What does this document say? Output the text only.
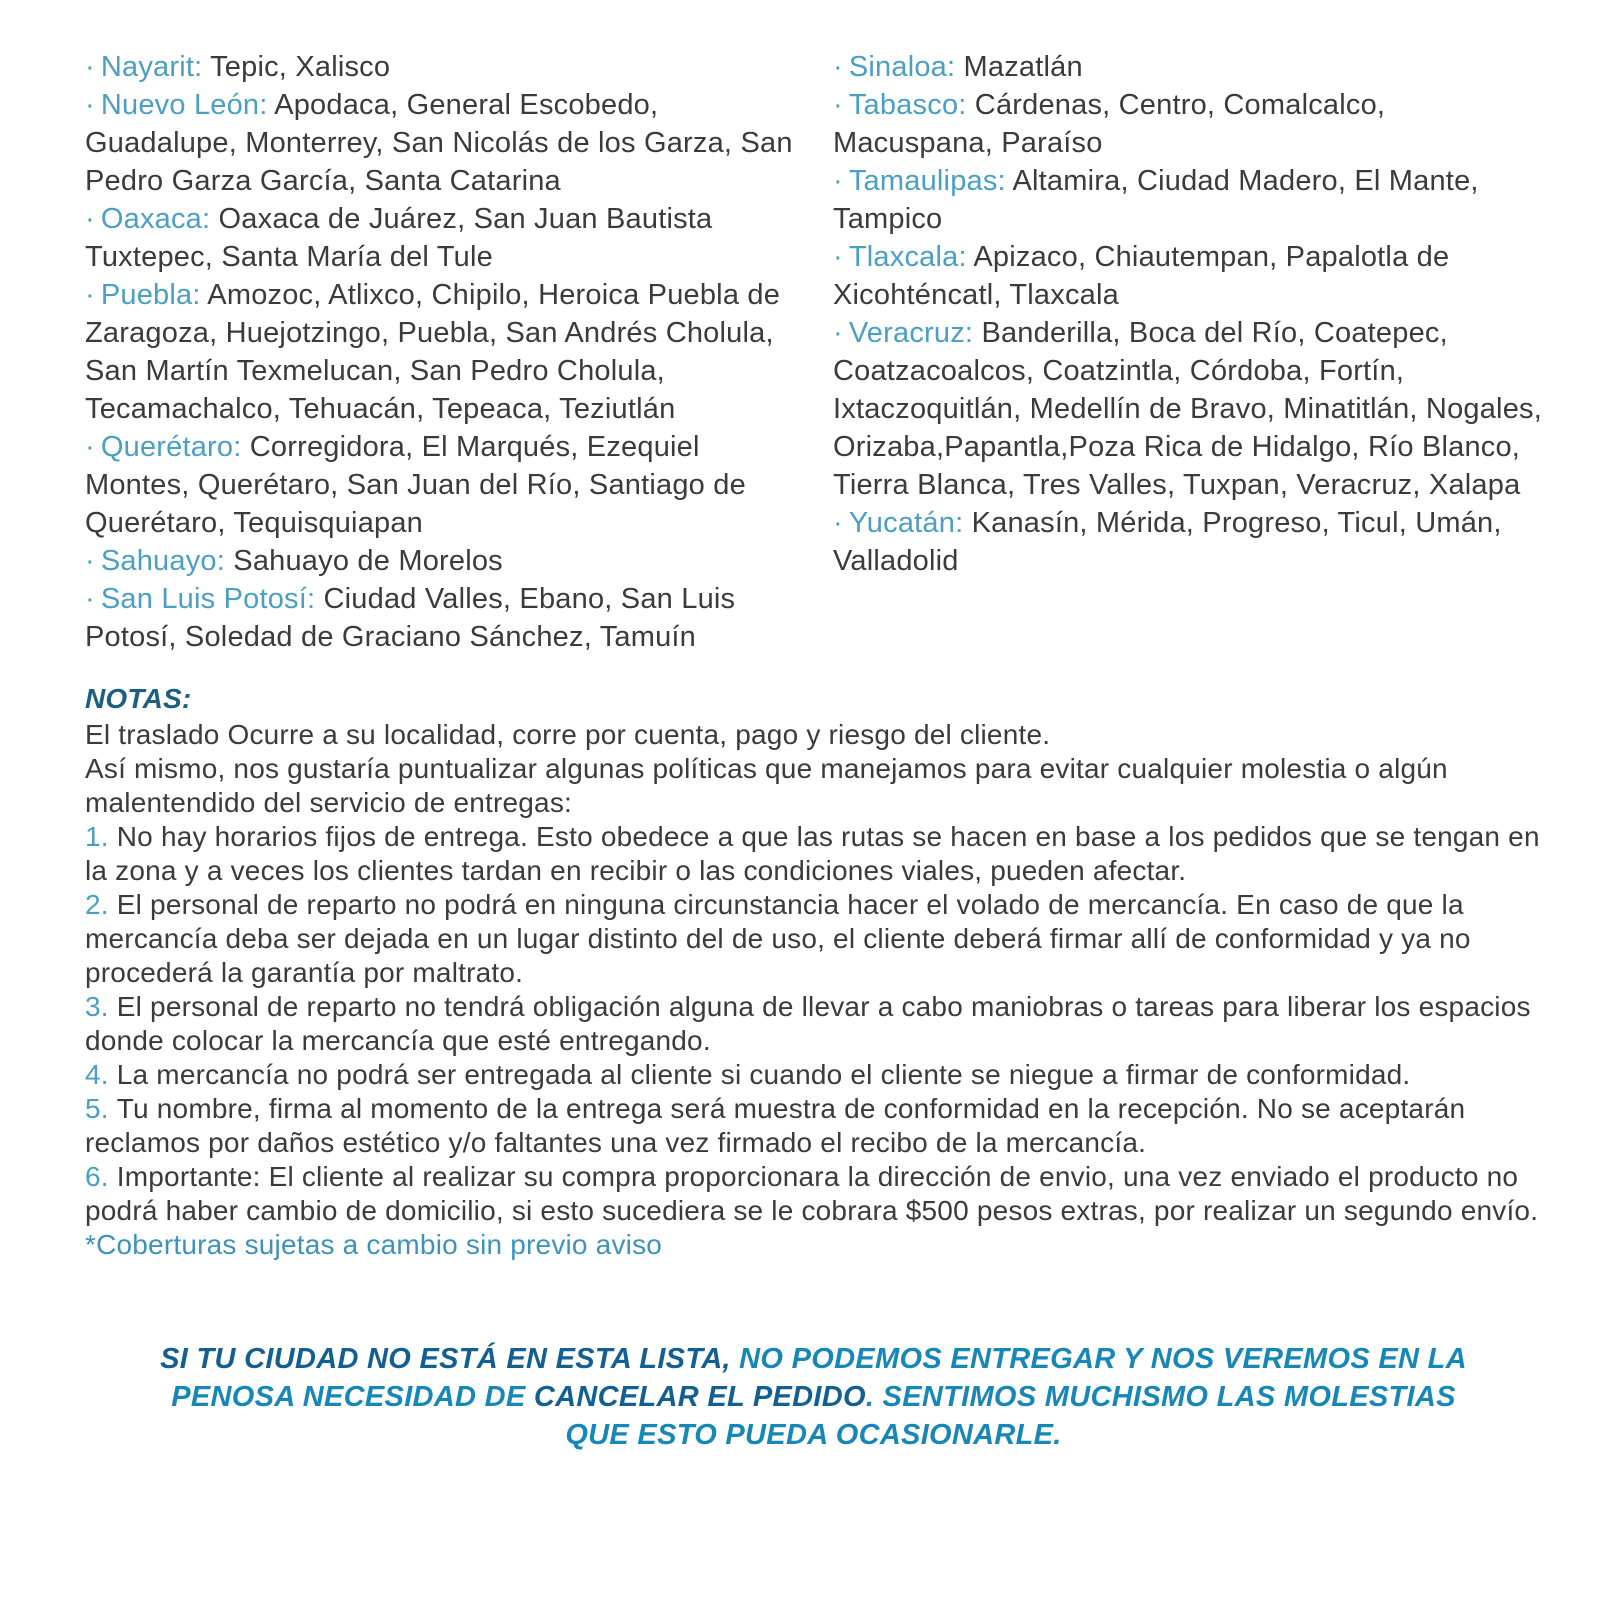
· Nayarit: Tepic, Xalisco

· Nuevo León: Apodaca, General Escobedo, Guadalupe, Monterrey, San Nicolás de los Garza, San Pedro Garza García, Santa Catarina

· Oaxaca: Oaxaca de Juárez, San Juan Bautista Tuxtepec, Santa María del Tule

· Puebla: Amozoc, Atlixco, Chipilo, Heroica Puebla de Zaragoza, Huejotzingo, Puebla, San Andrés Cholula, San Martín Texmelucan, San Pedro Cholula, Tecamachalco, Tehuacán, Tepeaca, Teziutlán

· Querétaro: Corregidora, El Marqués, Ezequiel Montes, Querétaro, San Juan del Río, Santiago de Querétaro, Tequisquiapan

· Sahuayo: Sahuayo de Morelos

· San Luis Potosí: Ciudad Valles, Ebano, San Luis Potosí, Soledad de Graciano Sánchez, Tamuín

· Sinaloa: Mazatlán

· Tabasco: Cárdenas, Centro, Comalcalco, Macuspana, Paraíso

· Tamaulipas: Altamira, Ciudad Madero, El Mante, Tampico

· Tlaxcala: Apizaco, Chiautempan, Papalotla de Xicohténcatl, Tlaxcala

· Veracruz: Banderilla, Boca del Río, Coatepec, Coatzacoalcos, Coatzintla, Córdoba, Fortín, Ixtaczoquitlán, Medellín de Bravo, Minatitlán, Nogales, Orizaba,Papantla,Poza Rica de Hidalgo, Río Blanco, Tierra Blanca, Tres Valles, Tuxpan, Veracruz, Xalapa

· Yucatán: Kanasín, Mérida, Progreso, Ticul, Umán, Valladolid

NOTAS:

El traslado Ocurre a su localidad, corre por cuenta, pago y riesgo del cliente.

Así mismo, nos gustaría puntualizar algunas políticas que manejamos para evitar cualquier molestia o algún malentendido del servicio de entregas:

1. No hay horarios fijos de entrega. Esto obedece a que las rutas se hacen en base a los pedidos que se tengan en la zona y a veces los clientes tardan en recibir o las condiciones viales, pueden afectar.

2. El personal de reparto no podrá en ninguna circunstancia hacer el volado de mercancía. En caso de que la mercancía deba ser dejada en un lugar distinto del de uso, el cliente deberá firmar allí de conformidad y ya no procederá la garantía por maltrato.

3. El personal de reparto no tendrá obligación alguna de llevar a cabo maniobras o tareas para liberar los espacios donde colocar la mercancía que esté entregando.

4. La mercancía no podrá ser entregada al cliente si cuando el cliente se niegue a firmar de conformidad.

5. Tu nombre, firma al momento de la entrega será muestra de conformidad en la recepción. No se aceptarán reclamos por daños estético y/o faltantes una vez firmado el recibo de la mercancía.

6. Importante: El cliente al realizar su compra proporcionara la dirección de envio, una vez enviado el producto no podrá haber cambio de domicilio, si esto sucediera se le cobrara $500 pesos extras, por realizar un segundo envío.

*Coberturas sujetas a cambio sin previo aviso

SI TU CIUDAD NO ESTÁ EN ESTA LISTA, NO PODEMOS ENTREGAR Y NOS VEREMOS EN LA PENOSA NECESIDAD DE CANCELAR EL PEDIDO. SENTIMOS MUCHISMO LAS MOLESTIAS QUE ESTO PUEDA OCASIONARLE.
